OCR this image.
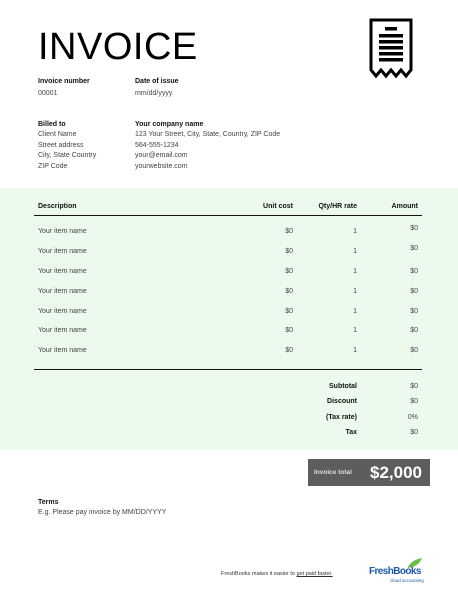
INVOICE
Invoice number
00001
Date of issue
mm/dd/yyyy
Billed to
Client Name
Street address
City, State Country
ZIP Code
Your company name
123 Your Street, City, State, Country, ZIP Code
564-555-1234
your@email.com
yourwebsite.com
Description	Unit cost	Qty/HR rate	Amount
Your item name	$0	1	$0
Your item name	$0	1	$0
Your item name	$0	1	$0
Your item name	$0	1	$0
Your item name	$0	1	$0
Your item name	$0	1	$0
Your item name	$0	1	$0
Subtotal	$0
Discount	$0
(Tax rate)	0%
Tax	$0
Invoice total $2,000
Terms
E.g. Please pay invoice by MM/DD/YYYY
FreshBooks makes it easier to get paid faster.	FreshBooks
cloud accounting
